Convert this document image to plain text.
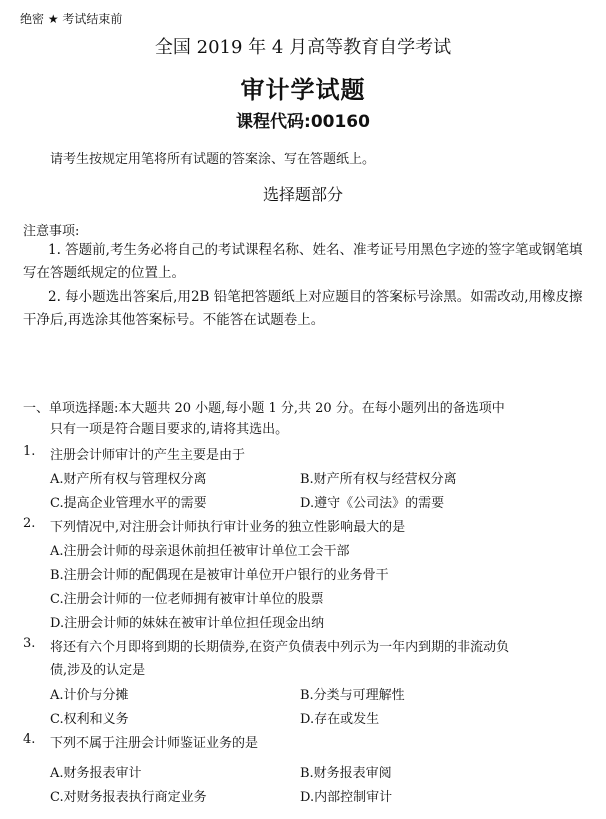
绝密 ★ 考试结束前
全国 2019 年 4 月高等教育自学考试
审计学试题
课程代码:00160
请考生按规定用笔将所有试题的答案涂、写在答题纸上。
选择题部分
注意事项:
1. 答题前,考生务必将自己的考试课程名称、姓名、准考证号用黑色字迹的签字笔或钢笔填写在答题纸规定的位置上。
2. 每小题选出答案后,用2B 铅笔把答题纸上对应题目的答案标号涂黑。如需改动,用橡皮擦干净后,再选涂其他答案标号。不能答在试题卷上。
一、单项选择题:本大题共 20 小题,每小题 1 分,共 20 分。在每小题列出的备选项中
只有一项是符合题目要求的,请将其选出。
1. 注册会计师审计的产生主要是由于
A.财产所有权与管理权分离	B.财产所有权与经营权分离
C.提高企业管理水平的需要	D.遵守《公司法》的需要
2. 下列情况中,对注册会计师执行审计业务的独立性影响最大的是
A.注册会计师的母亲退休前担任被审计单位工会干部
B.注册会计师的配偶现在是被审计单位开户银行的业务骨干
C.注册会计师的一位老师拥有被审计单位的股票
D.注册会计师的妹妹在被审计单位担任现金出纳
3. 将还有六个月即将到期的长期债券,在资产负债表中列示为一年内到期的非流动负
债,涉及的认定是
A.计价与分摊	B.分类与可理解性
C.权利和义务	D.存在或发生
4. 下列不属于注册会计师鉴证业务的是
A.财务报表审计	B.财务报表审阅
C.对财务报表执行商定业务	D.内部控制审计
